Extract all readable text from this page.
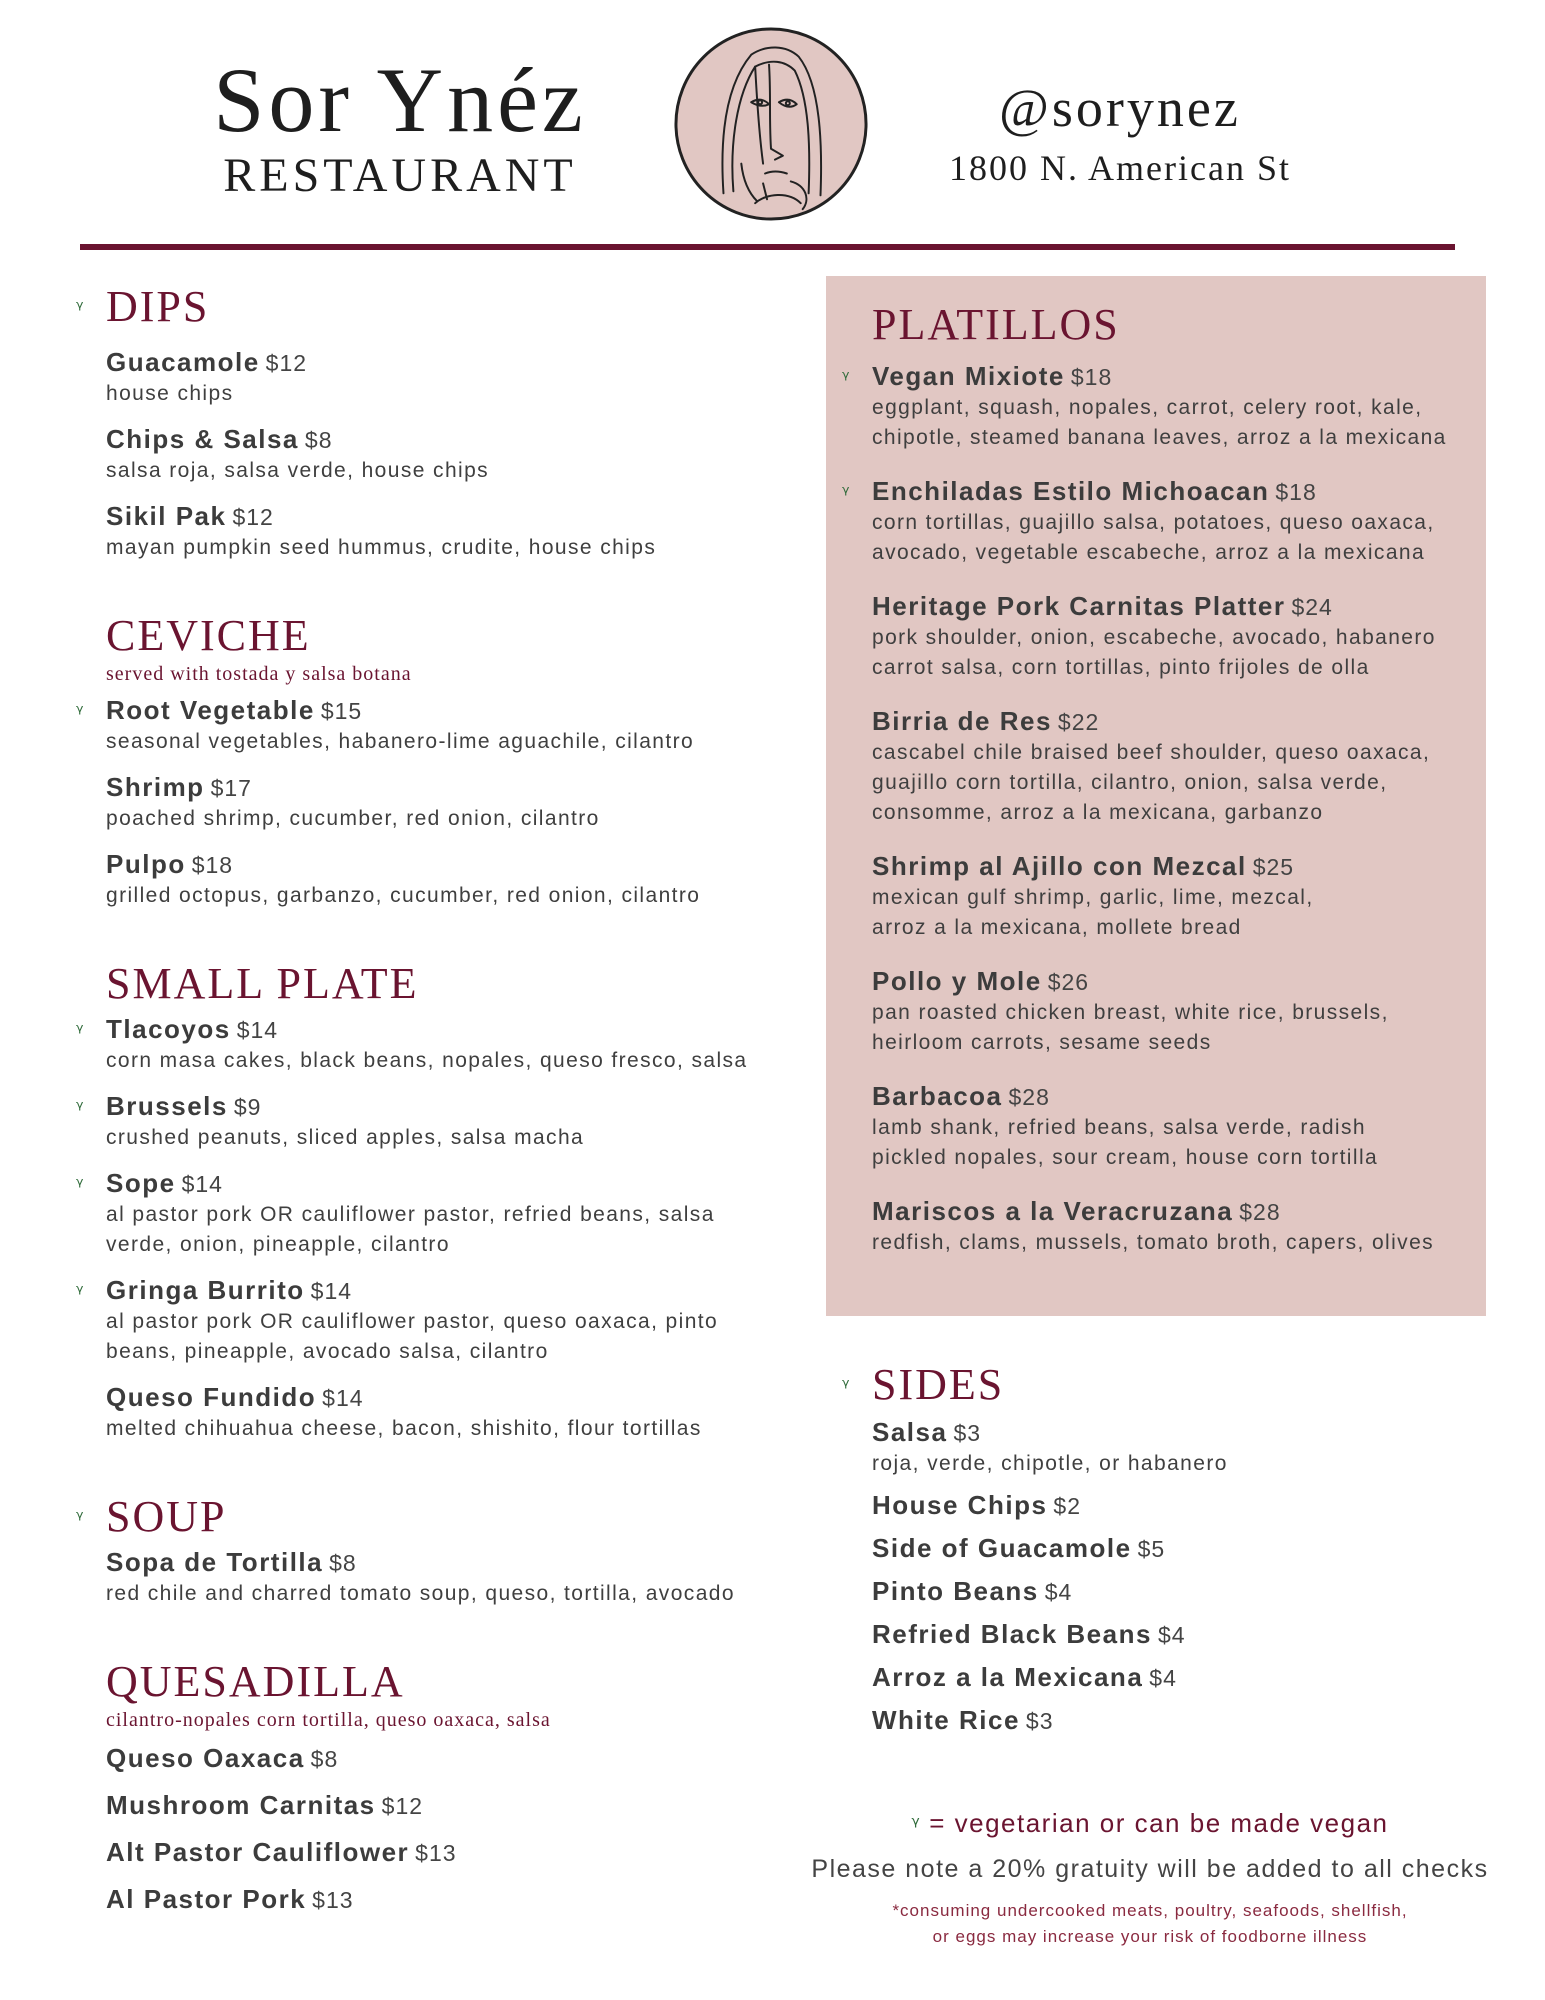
Sor Ynéz
RESTAURANT
@sorynez
1800 N. American St
ᵞ DIPS
Guacamole $12
house chips
Chips & Salsa $8
salsa roja, salsa verde, house chips
Sikil Pak $12
mayan pumpkin seed hummus, crudite, house chips
CEVICHE
served with tostada y salsa botana
ᵞ Root Vegetable $15
seasonal vegetables, habanero-lime aguachile, cilantro
Shrimp $17
poached shrimp, cucumber, red onion, cilantro
Pulpo $18
grilled octopus, garbanzo, cucumber, red onion, cilantro
SMALL PLATE
ᵞ Tlacoyos $14
corn masa cakes, black beans, nopales, queso fresco, salsa
ᵞ Brussels $9
crushed peanuts, sliced apples, salsa macha
ᵞ Sope $14
al pastor pork OR cauliflower pastor, refried beans, salsa
verde, onion, pineapple, cilantro
ᵞ Gringa Burrito $14
al pastor pork OR cauliflower pastor, queso oaxaca, pinto
beans, pineapple, avocado salsa, cilantro
Queso Fundido $14
melted chihuahua cheese, bacon, shishito, flour tortillas
ᵞ SOUP
Sopa de Tortilla $8
red chile and charred tomato soup, queso, tortilla, avocado
QUESADILLA
cilantro-nopales corn tortilla, queso oaxaca, salsa
Queso Oaxaca $8
Mushroom Carnitas $12
Alt Pastor Cauliflower $13
Al Pastor Pork $13
PLATILLOS
ᵞ Vegan Mixiote $18
eggplant, squash, nopales, carrot, celery root, kale,
chipotle, steamed banana leaves, arroz a la mexicana
ᵞ Enchiladas Estilo Michoacan $18
corn tortillas, guajillo salsa, potatoes, queso oaxaca,
avocado, vegetable escabeche, arroz a la mexicana
Heritage Pork Carnitas Platter $24
pork shoulder, onion, escabeche, avocado, habanero
carrot salsa, corn tortillas, pinto frijoles de olla
Birria de Res $22
cascabel chile braised beef shoulder, queso oaxaca,
guajillo corn tortilla, cilantro, onion, salsa verde,
consomme, arroz a la mexicana, garbanzo
Shrimp al Ajillo con Mezcal $25
mexican gulf shrimp, garlic, lime, mezcal,
arroz a la mexicana, mollete bread
Pollo y Mole $26
pan roasted chicken breast, white rice, brussels,
heirloom carrots, sesame seeds
Barbacoa $28
lamb shank, refried beans, salsa verde, radish
pickled nopales, sour cream, house corn tortilla
Mariscos a la Veracruzana $28
redfish, clams, mussels, tomato broth, capers, olives
ᵞ SIDES
Salsa $3
roja, verde, chipotle, or habanero
House Chips $2
Side of Guacamole $5
Pinto Beans $4
Refried Black Beans $4
Arroz a la Mexicana $4
White Rice $3
ᵞ = vegetarian or can be made vegan
Please note a 20% gratuity will be added to all checks
*consuming undercooked meats, poultry, seafoods, shellfish,
or eggs may increase your risk of foodborne illness
